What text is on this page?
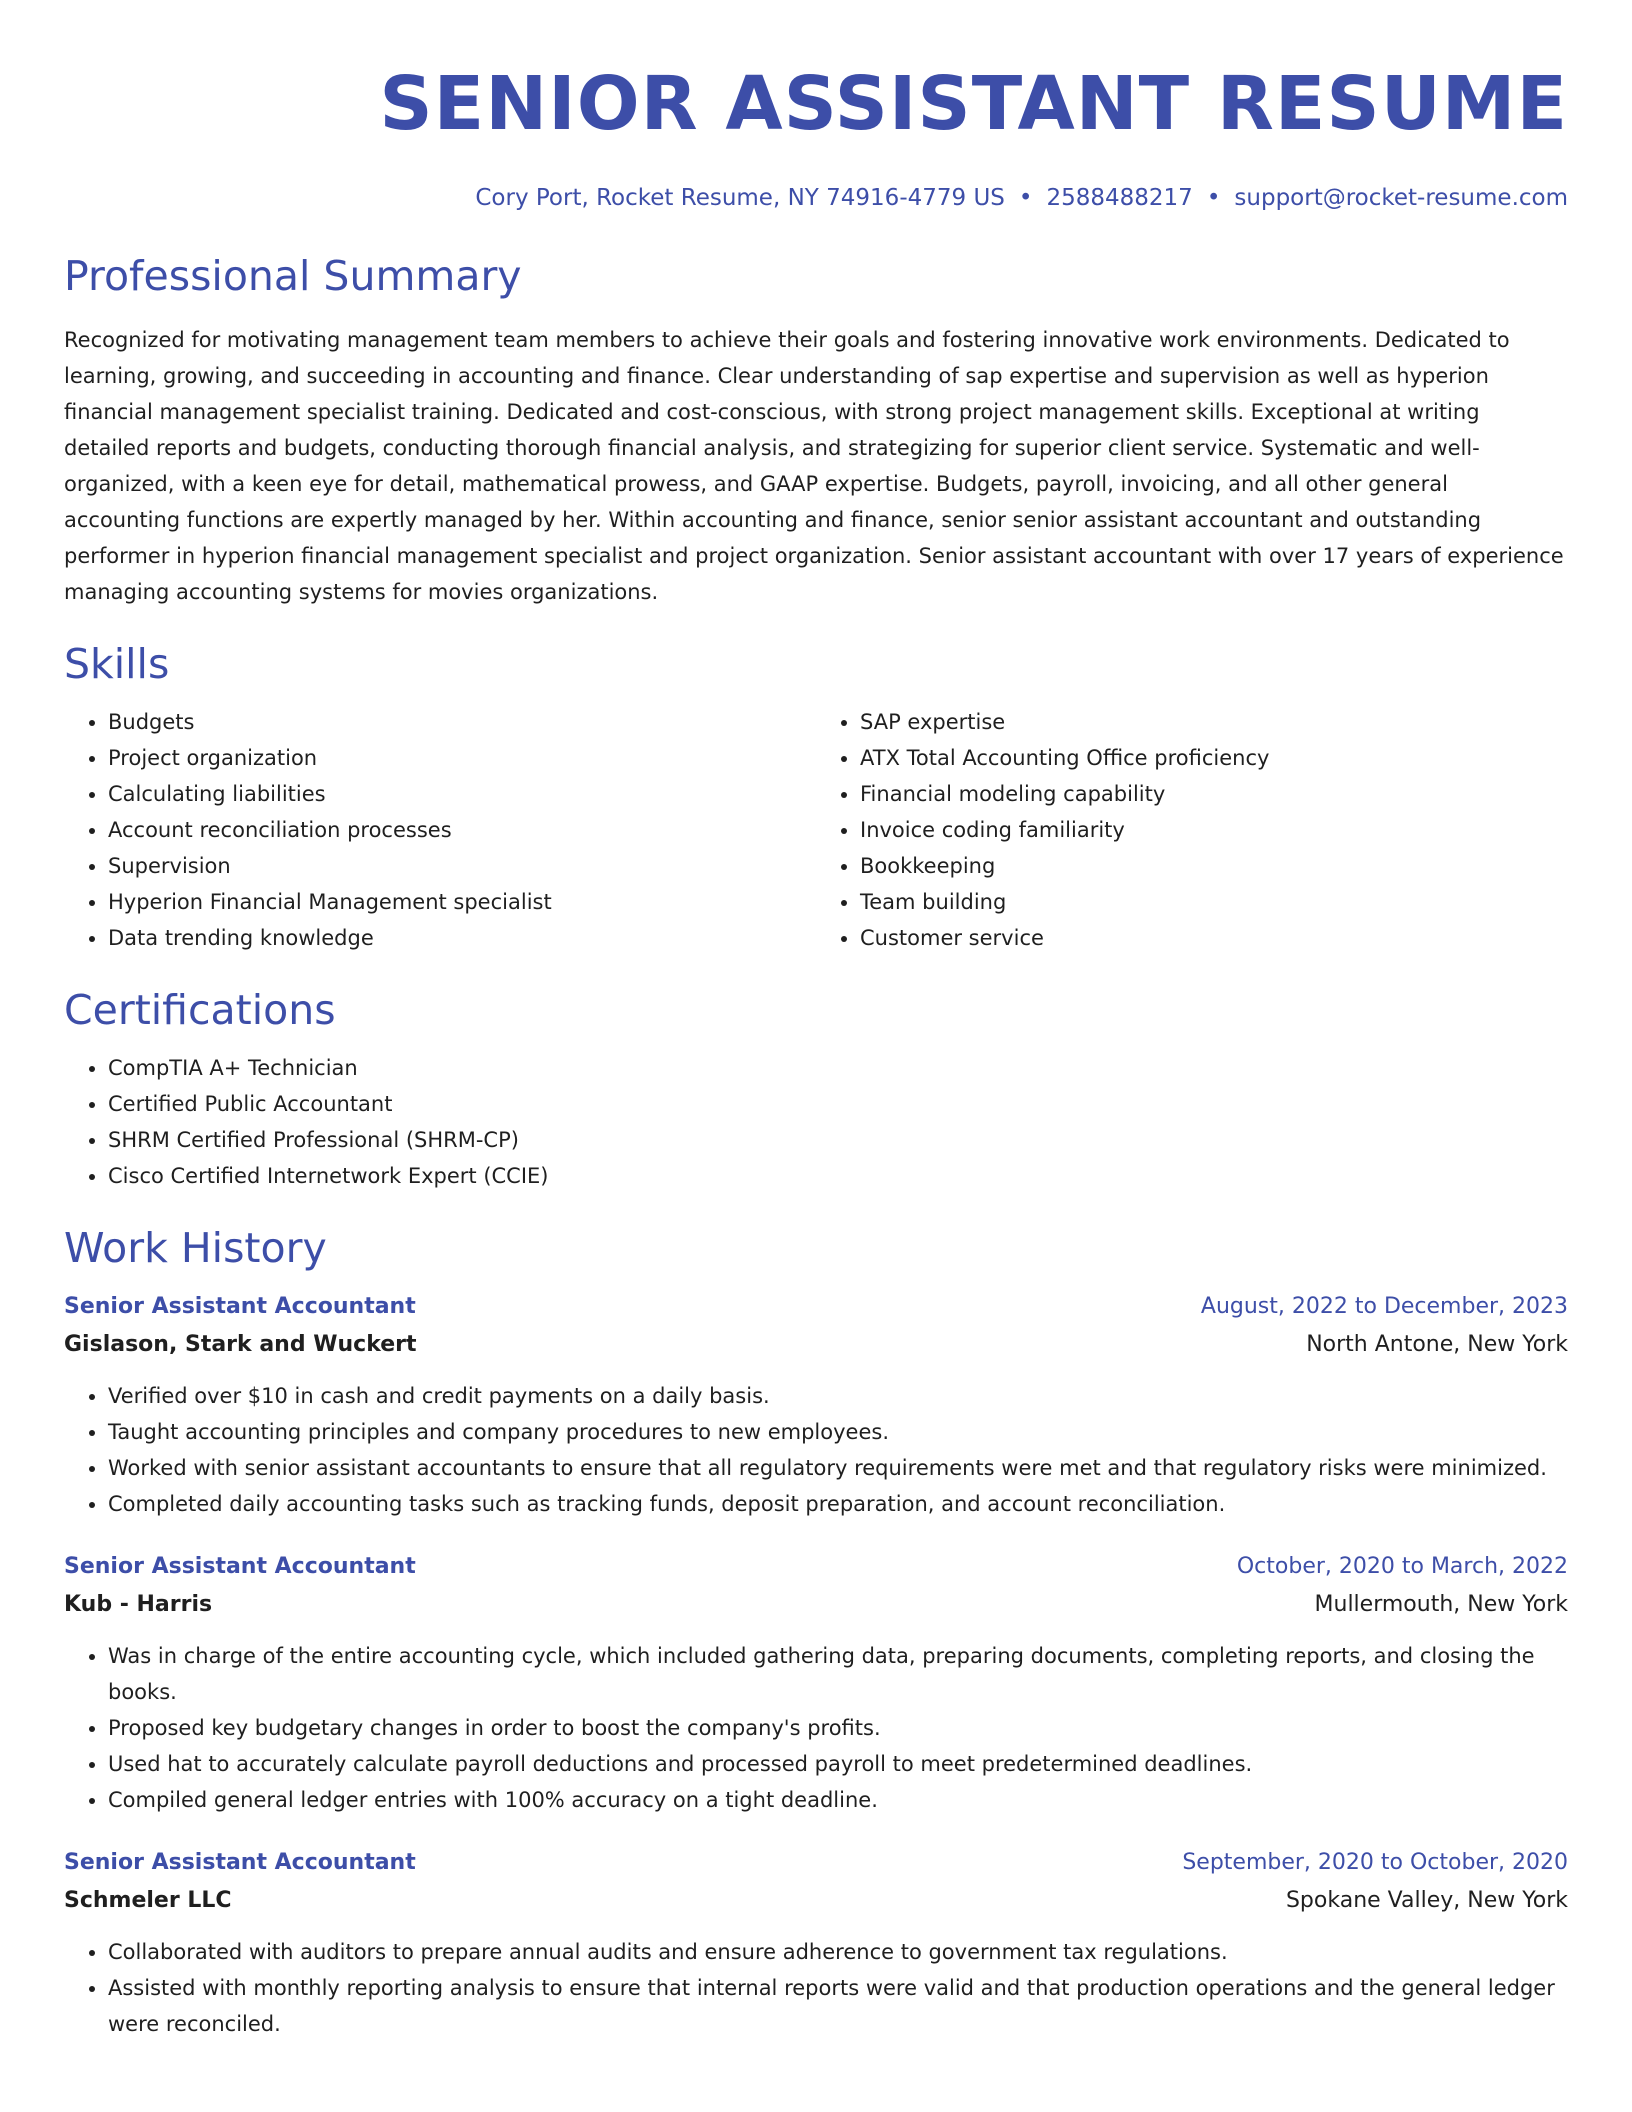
SENIOR ASSISTANT RESUME
Cory Port, Rocket Resume, NY 74916-4779 US • 2588488217 • support@rocket-resume.com
Professional Summary

Recognized for motivating management team members to achieve their goals and fostering innovative work environments. Dedicated to learning, growing, and succeeding in accounting and finance. Clear understanding of sap expertise and supervision as well as hyperion financial management specialist training. Dedicated and cost-conscious, with strong project management skills. Exceptional at writing detailed reports and budgets, conducting thorough financial analysis, and strategizing for superior client service. Systematic and well-organized, with a keen eye for detail, mathematical prowess, and GAAP expertise. Budgets, payroll, invoicing, and all other general accounting functions are expertly managed by her. Within accounting and finance, senior senior assistant accountant and outstanding performer in hyperion financial management specialist and project organization. Senior assistant accountant with over 17 years of experience managing accounting systems for movies organizations.

Skills
• Budgets
• Project organization
• Calculating liabilities
• Account reconciliation processes
• Supervision
• Hyperion Financial Management specialist
• Data trending knowledge
• SAP expertise
• ATX Total Accounting Office proficiency
• Financial modeling capability
• Invoice coding familiarity
• Bookkeeping
• Team building
• Customer service
Certifications
• CompTIA A+ Technician
• Certified Public Accountant
• SHRM Certified Professional (SHRM-CP)
• Cisco Certified Internetwork Expert (CCIE)
Work History
Senior Assistant Accountant	August, 2022 to December, 2023
Gislason, Stark and Wuckert	North Antone, New York
• Verified over $10 in cash and credit payments on a daily basis.
• Taught accounting principles and company procedures to new employees.
• Worked with senior assistant accountants to ensure that all regulatory requirements were met and that regulatory risks were minimized.
• Completed daily accounting tasks such as tracking funds, deposit preparation, and account reconciliation.
Senior Assistant Accountant	October, 2020 to March, 2022
Kub - Harris	Mullermouth, New York
• Was in charge of the entire accounting cycle, which included gathering data, preparing documents, completing reports, and closing the books.
• Proposed key budgetary changes in order to boost the company's profits.
• Used hat to accurately calculate payroll deductions and processed payroll to meet predetermined deadlines.
• Compiled general ledger entries with 100% accuracy on a tight deadline.
Senior Assistant Accountant	September, 2020 to October, 2020
Schmeler LLC	Spokane Valley, New York
• Collaborated with auditors to prepare annual audits and ensure adherence to government tax regulations.
• Assisted with monthly reporting analysis to ensure that internal reports were valid and that production operations and the general ledger were reconciled.
